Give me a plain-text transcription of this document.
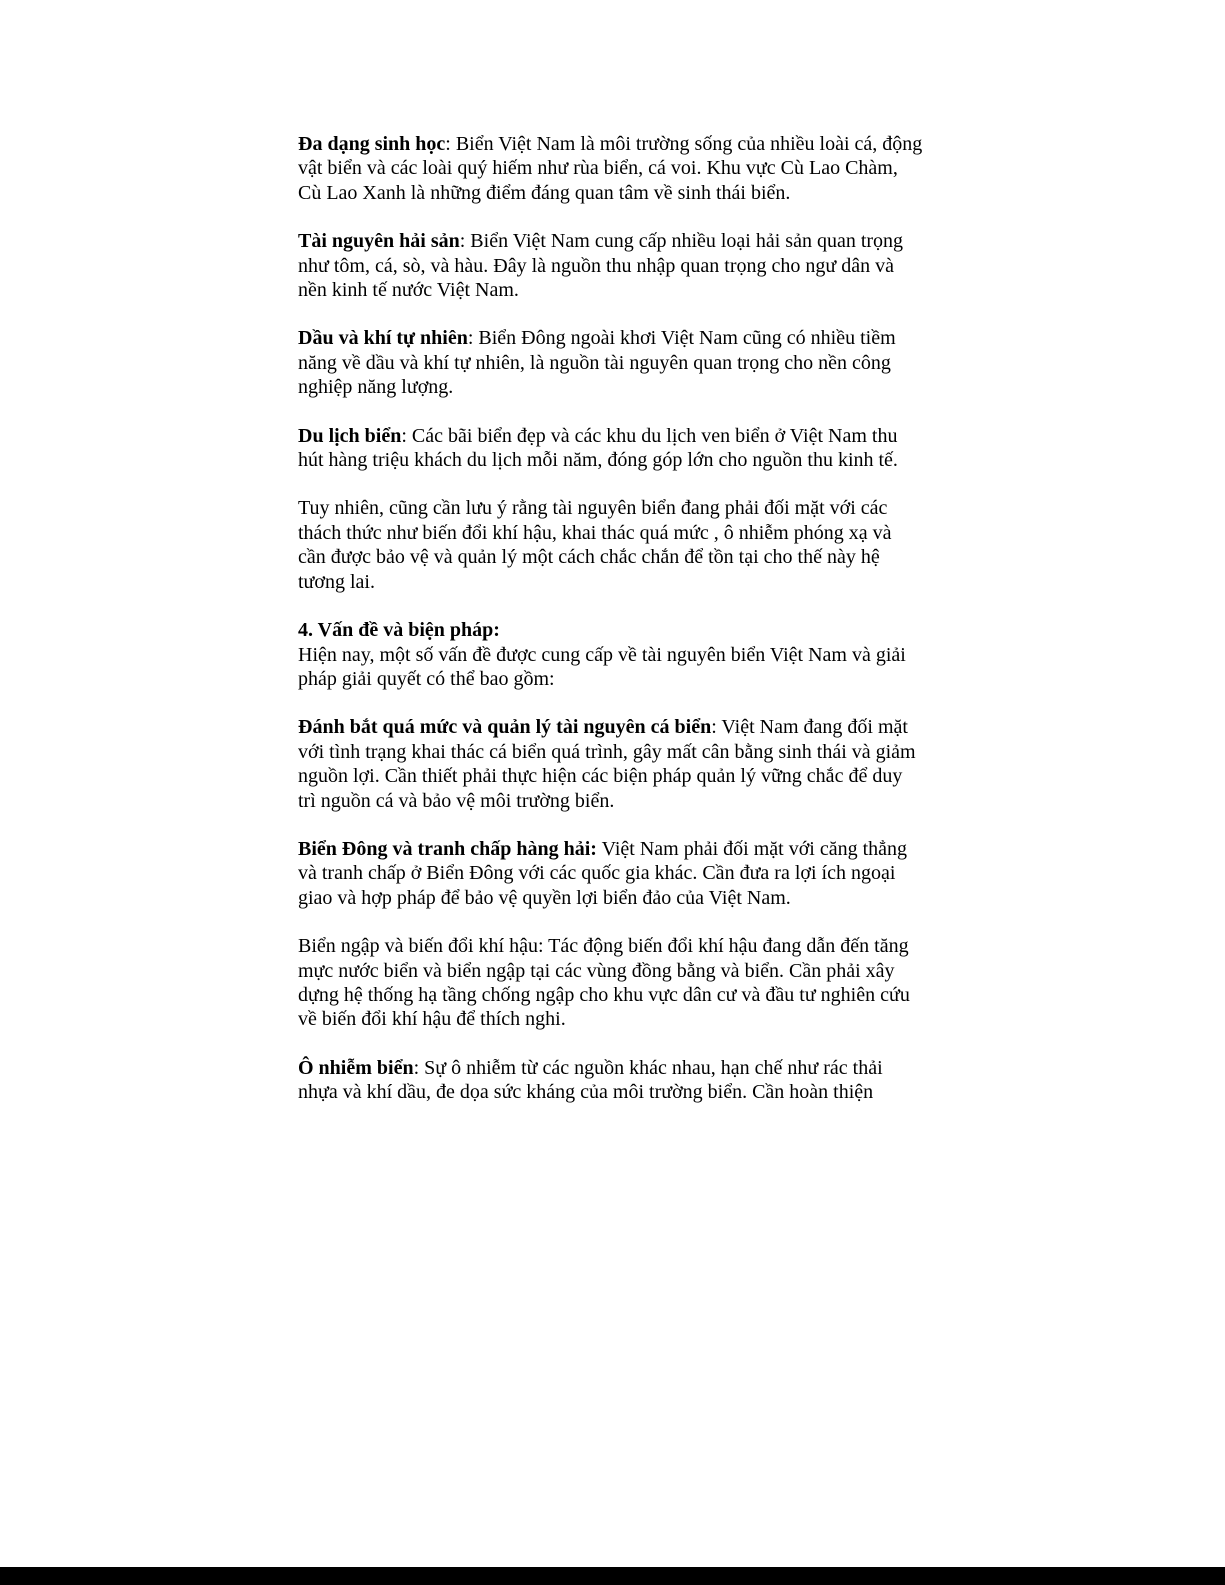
Đa dạng sinh học: Biển Việt Nam là môi trường sống của nhiều loài cá, động vật biển và các loài quý hiếm như rùa biển, cá voi. Khu vực Cù Lao Chàm, Cù Lao Xanh là những điểm đáng quan tâm về sinh thái biển.

Tài nguyên hải sản: Biển Việt Nam cung cấp nhiều loại hải sản quan trọng như tôm, cá, sò, và hàu. Đây là nguồn thu nhập quan trọng cho ngư dân và nền kinh tế nước Việt Nam.

Dầu và khí tự nhiên: Biển Đông ngoài khơi Việt Nam cũng có nhiều tiềm năng về dầu và khí tự nhiên, là nguồn tài nguyên quan trọng cho nền công nghiệp năng lượng.

Du lịch biển: Các bãi biển đẹp và các khu du lịch ven biển ở Việt Nam thu hút hàng triệu khách du lịch mỗi năm, đóng góp lớn cho nguồn thu kinh tế.

Tuy nhiên, cũng cần lưu ý rằng tài nguyên biển đang phải đối mặt với các thách thức như biến đổi khí hậu, khai thác quá mức , ô nhiễm phóng xạ và cần được bảo vệ và quản lý một cách chắc chắn để tồn tại cho thế này hệ tương lai.

4. Vấn đề và biện pháp:

Hiện nay, một số vấn đề được cung cấp về tài nguyên biển Việt Nam và giải pháp giải quyết có thể bao gồm:

Đánh bắt quá mức và quản lý tài nguyên cá biển: Việt Nam đang đối mặt với tình trạng khai thác cá biển quá trình, gây mất cân bằng sinh thái và giảm nguồn lợi. Cần thiết phải thực hiện các biện pháp quản lý vững chắc để duy trì nguồn cá và bảo vệ môi trường biển.

Biển Đông và tranh chấp hàng hải: Việt Nam phải đối mặt với căng thẳng và tranh chấp ở Biển Đông với các quốc gia khác. Cần đưa ra lợi ích ngoại giao và hợp pháp để bảo vệ quyền lợi biển đảo của Việt Nam.

Biển ngập và biến đổi khí hậu: Tác động biến đổi khí hậu đang dẫn đến tăng mực nước biển và biển ngập tại các vùng đồng bằng và biển. Cần phải xây dựng hệ thống hạ tầng chống ngập cho khu vực dân cư và đầu tư nghiên cứu về biến đổi khí hậu để thích nghi.

Ô nhiễm biển: Sự ô nhiễm từ các nguồn khác nhau, hạn chế như rác thải nhựa và khí dầu, đe dọa sức kháng của môi trường biển. Cần hoàn thiện
